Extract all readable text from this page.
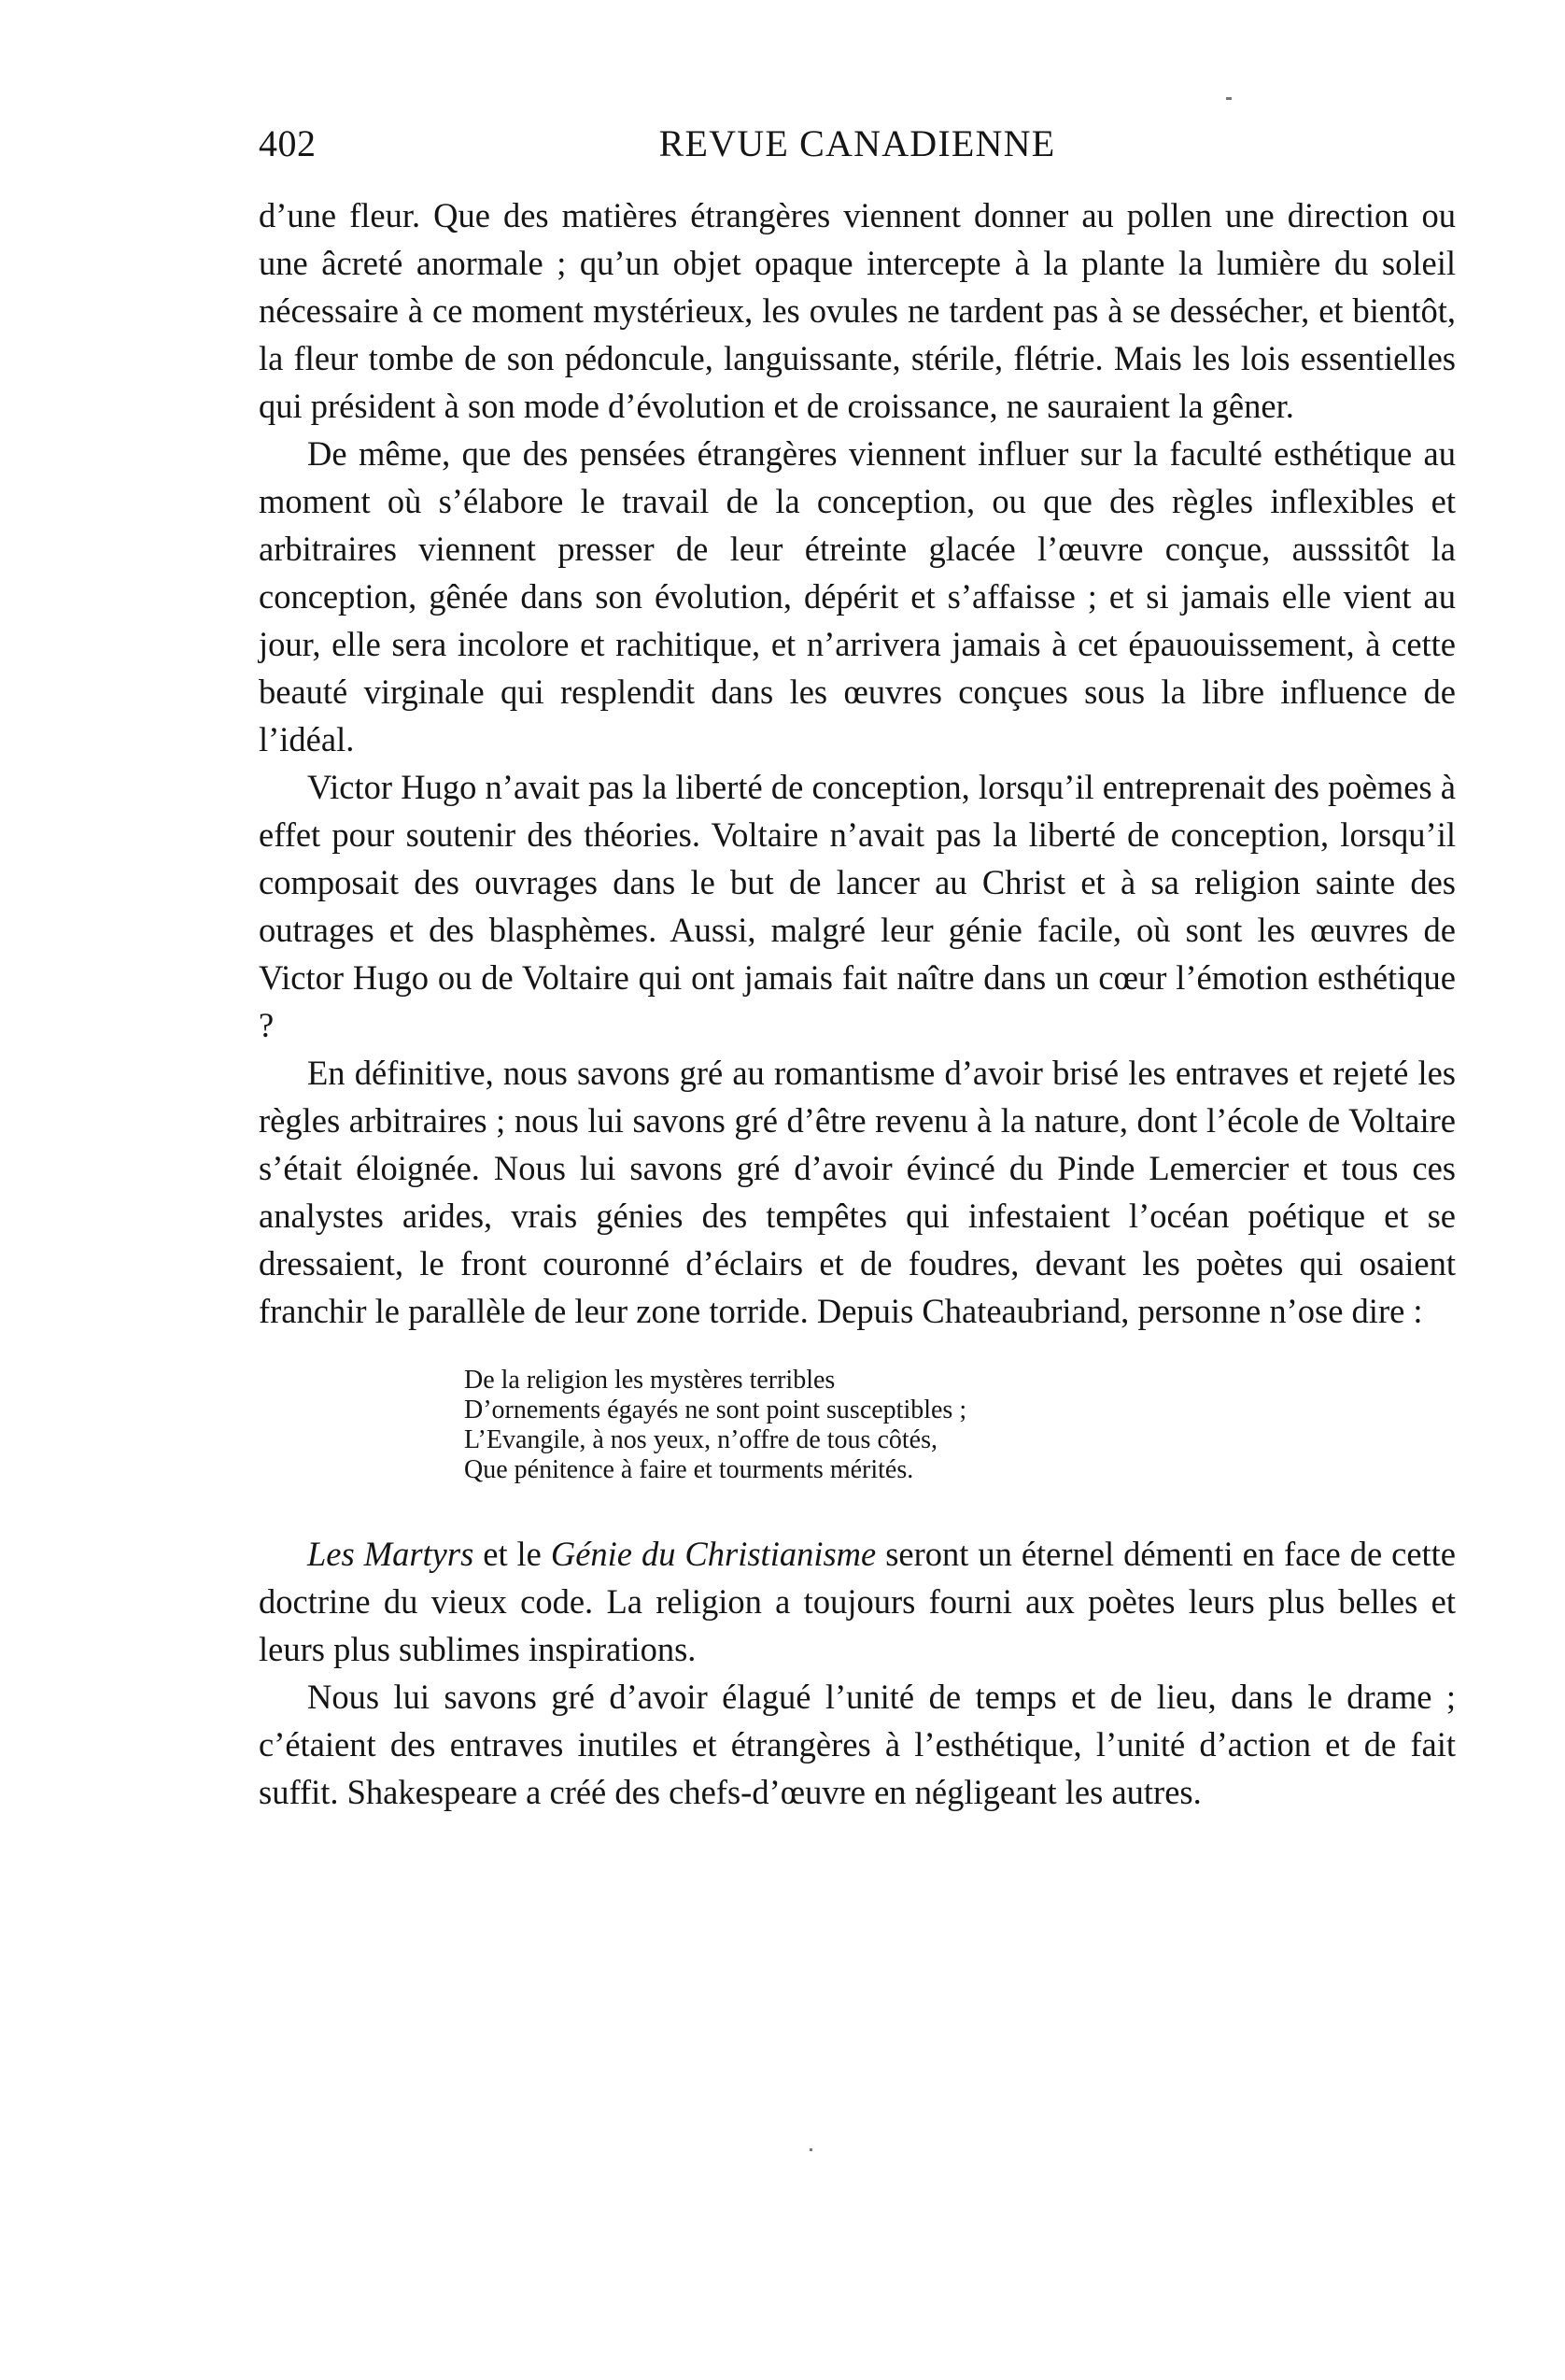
402	REVUE CANADIENNE

d’une fleur. Que des matières étrangères viennent donner au pollen une direction ou une âcreté anormale ; qu’un objet opaque intercepte à la plante la lumière du soleil nécessaire à ce moment mystérieux, les ovules ne tardent pas à se dessécher, et bientôt, la fleur tombe de son pédoncule, languissante, stérile, flétrie. Mais les lois essentielles qui président à son mode d’évolution et de croissance, ne sauraient la gêner.

De même, que des pensées étrangères viennent influer sur la faculté esthétique au moment où s’élabore le travail de la conception, ou que des règles inflexibles et arbitraires viennent presser de leur étreinte glacée l’œuvre conçue, ausssitôt la conception, gênée dans son évolution, dépérit et s’affaisse ; et si jamais elle vient au jour, elle sera incolore et rachitique, et n’arrivera jamais à cet épauouissement, à cette beauté virginale qui resplendit dans les œuvres conçues sous la libre influence de l’idéal.

Victor Hugo n’avait pas la liberté de conception, lorsqu’il entreprenait des poèmes à effet pour soutenir des théories. Voltaire n’avait pas la liberté de conception, lorsqu’il composait des ouvrages dans le but de lancer au Christ et à sa religion sainte des outrages et des blasphèmes. Aussi, malgré leur génie facile, où sont les œuvres de Victor Hugo ou de Voltaire qui ont jamais fait naître dans un cœur l’émotion esthétique ?

En définitive, nous savons gré au romantisme d’avoir brisé les entraves et rejeté les règles arbitraires ; nous lui savons gré d’être revenu à la nature, dont l’école de Voltaire s’était éloignée. Nous lui savons gré d’avoir évincé du Pinde Lemercier et tous ces analystes arides, vrais génies des tempêtes qui infestaient l’océan poétique et se dressaient, le front couronné d’éclairs et de foudres, devant les poètes qui osaient franchir le parallèle de leur zone torride. Depuis Chateaubriand, personne n’ose dire :

De la religion les mystères terribles
D’ornements égayés ne sont point susceptibles ;
L’Evangile, à nos yeux, n’offre de tous côtés,
Que pénitence à faire et tourments mérités.

Les Martyrs et le Génie du Christianisme seront un éternel démenti en face de cette doctrine du vieux code. La religion a toujours fourni aux poètes leurs plus belles et leurs plus sublimes inspirations.

Nous lui savons gré d’avoir élagué l’unité de temps et de lieu, dans le drame ; c’étaient des entraves inutiles et étrangères à l’esthétique, l’unité d’action et de fait suffit. Shakespeare a créé des chefs-d’œuvre en négligeant les autres.
